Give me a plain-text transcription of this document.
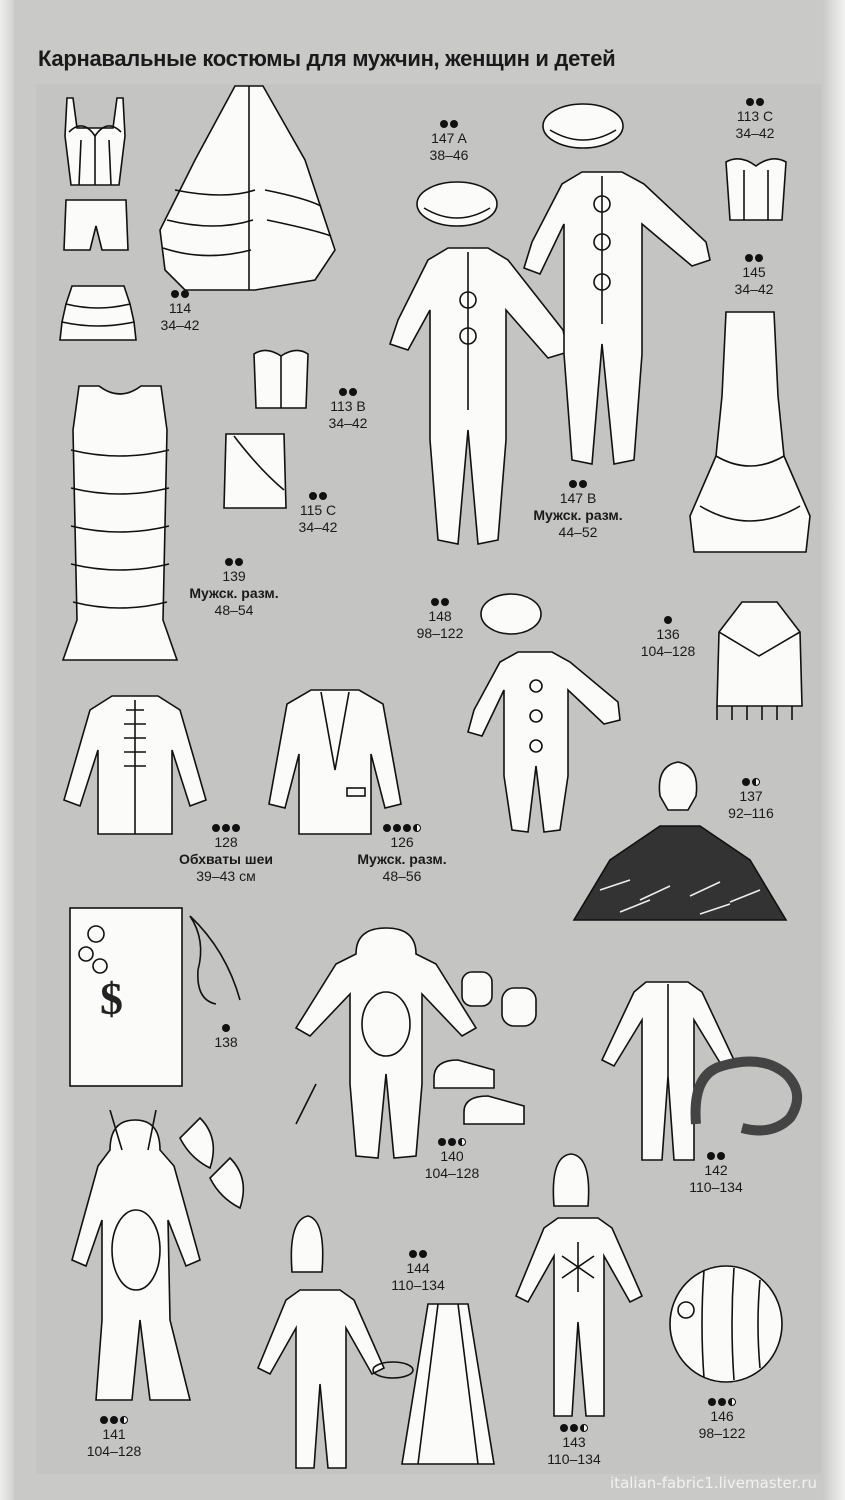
Карнавальные костюмы для мужчин, женщин и детей
$
114
34–42
147 A
38–46
113 C
34–42
145
34–42
113 B
34–42
115 C
34–42
147 B
Мужск. разм.
44–52
139
Мужск. разм.
48–54	148
98–122	136
104–128
137
92–116
128
Обхваты шеи
39–43 см
126
Мужск. разм.
48–56
138
140
104–128	142
110–134
144
110–134
141
104–128
143
110–134
146
98–122
italian-fabric1.livemaster.ru
